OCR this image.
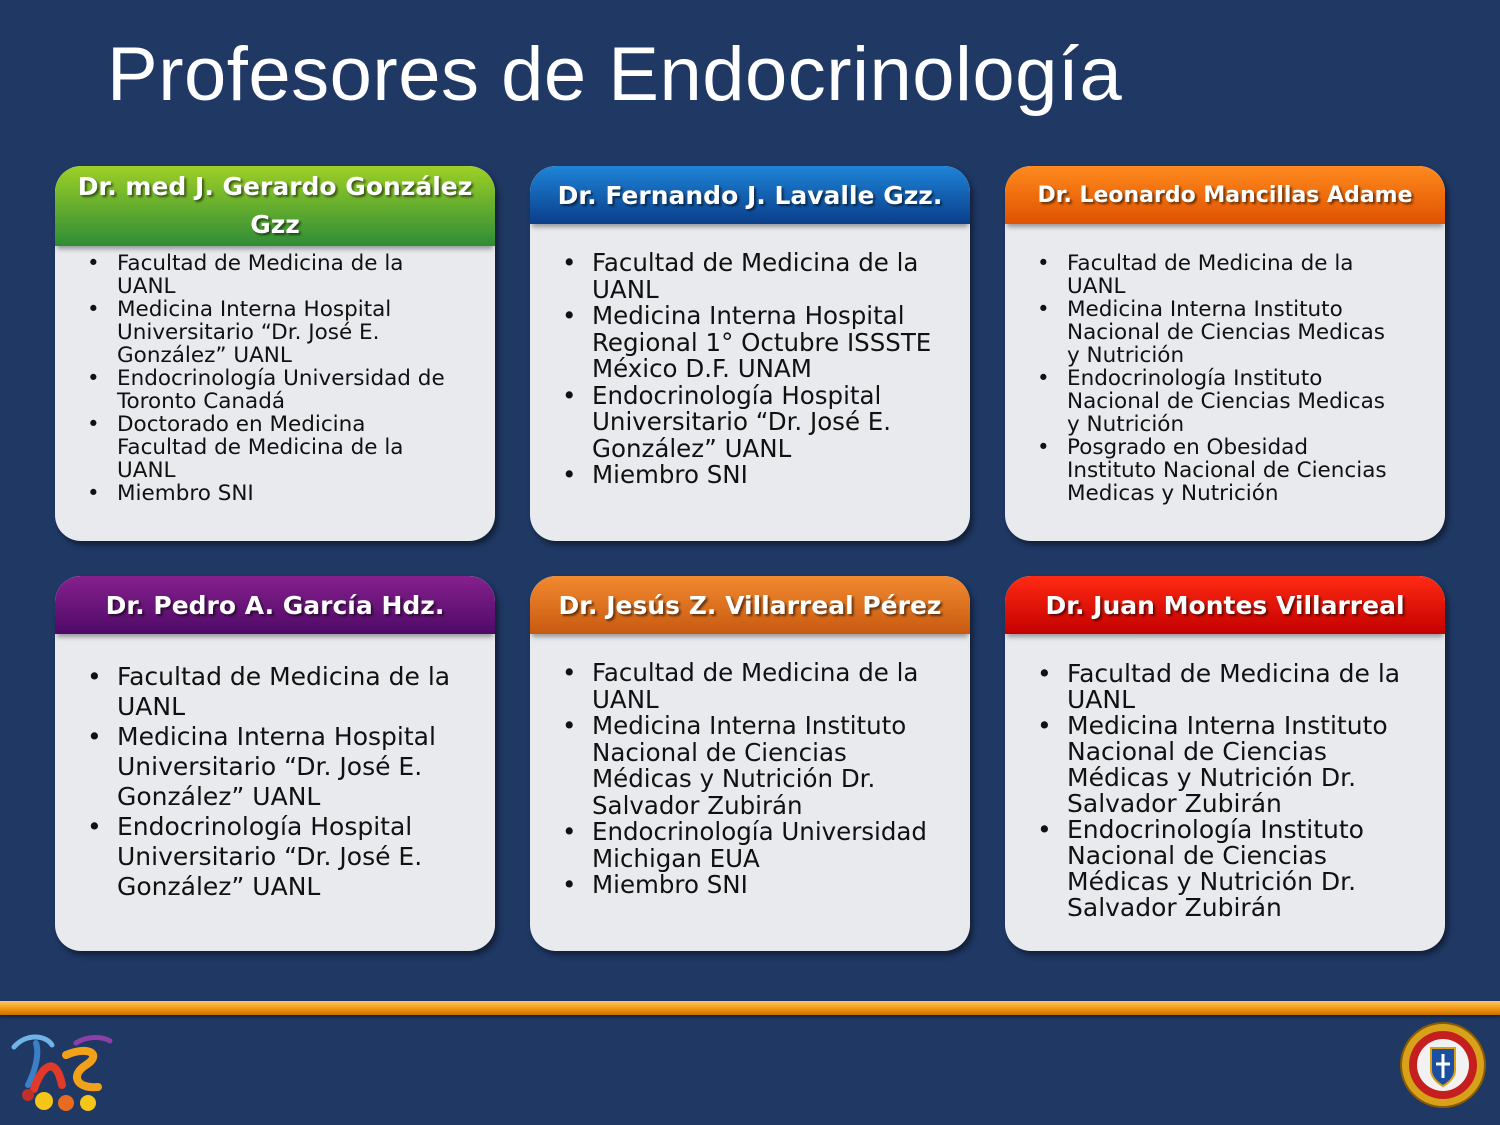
Profesores de Endocrinología
Dr. med J. Gerardo González Gzz
• Facultad de Medicina de la UANL
• Medicina Interna Hospital Universitario “Dr. José E. González” UANL
• Endocrinología Universidad de Toronto Canadá
• Doctorado en Medicina Facultad de Medicina de la UANL
• Miembro SNI
Dr. Fernando J. Lavalle Gzz.
• Facultad de Medicina de la UANL
• Medicina Interna Hospital Regional 1° Octubre ISSSTE México D.F. UNAM
• Endocrinología Hospital Universitario “Dr. José E. González” UANL
• Miembro SNI
Dr. Leonardo Mancillas Adame
• Facultad de Medicina de la UANL
• Medicina Interna Instituto Nacional de Ciencias Medicas y Nutrición
• Endocrinología Instituto Nacional de Ciencias Medicas y Nutrición
• Posgrado en Obesidad Instituto Nacional de Ciencias Medicas y Nutrición
Dr. Pedro A. García Hdz.
• Facultad de Medicina de la UANL
• Medicina Interna Hospital Universitario “Dr. José E. González” UANL
• Endocrinología Hospital Universitario “Dr. José E. González” UANL
Dr. Jesús Z. Villarreal Pérez
• Facultad de Medicina de la UANL
• Medicina Interna Instituto Nacional de Ciencias Médicas y Nutrición Dr. Salvador Zubirán
• Endocrinología Universidad Michigan EUA
• Miembro SNI
Dr. Juan Montes Villarreal
• Facultad de Medicina de la UANL
• Medicina Interna Instituto Nacional de Ciencias Médicas y Nutrición Dr. Salvador Zubirán
• Endocrinología Instituto Nacional de Ciencias Médicas y Nutrición Dr. Salvador Zubirán
